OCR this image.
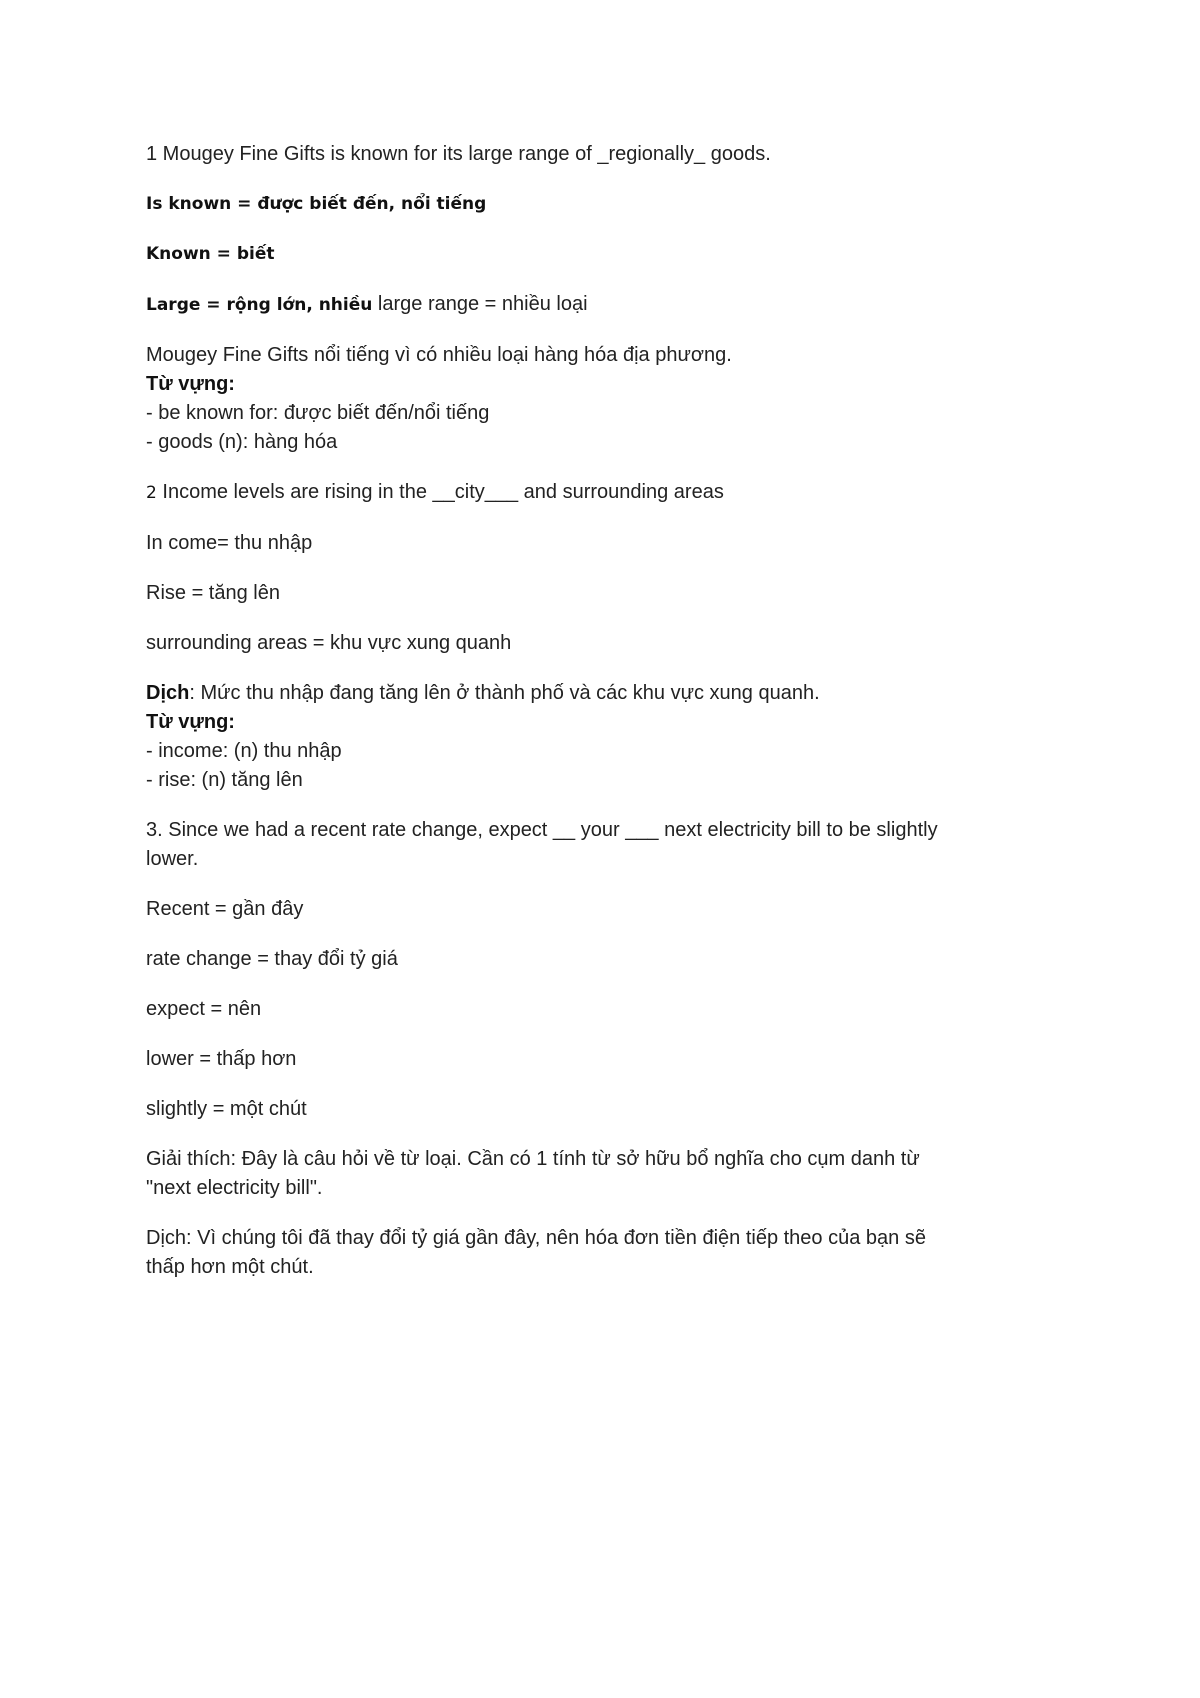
1 Mougey Fine Gifts is known for its large range of _regionally_ goods.

Is known = được biết đến, nổi tiếng

Known = biết

Large = rộng lớn, nhiều large range = nhiều loại

Mougey Fine Gifts nổi tiếng vì có nhiều loại hàng hóa địa phương.

Từ vựng:

- be known for: được biết đến/nổi tiếng

- goods (n): hàng hóa

2 Income levels are rising in the __city___ and surrounding areas

In come= thu nhập

Rise = tăng lên

surrounding areas = khu vực xung quanh

Dịch: Mức thu nhập đang tăng lên ở thành phố và các khu vực xung quanh.

Từ vựng:

- income: (n) thu nhập

- rise: (n) tăng lên

3. Since we had a recent rate change, expect __ your ___ next electricity bill to be slightly

lower.

Recent = gần đây

rate change = thay đổi tỷ giá

expect = nên

lower = thấp hơn

slightly = một chút

Giải thích: Đây là câu hỏi về từ loại. Cần có 1 tính từ sở hữu bổ nghĩa cho cụm danh từ

"next electricity bill".

Dịch: Vì chúng tôi đã thay đổi tỷ giá gần đây, nên hóa đơn tiền điện tiếp theo của bạn sẽ

thấp hơn một chút.
